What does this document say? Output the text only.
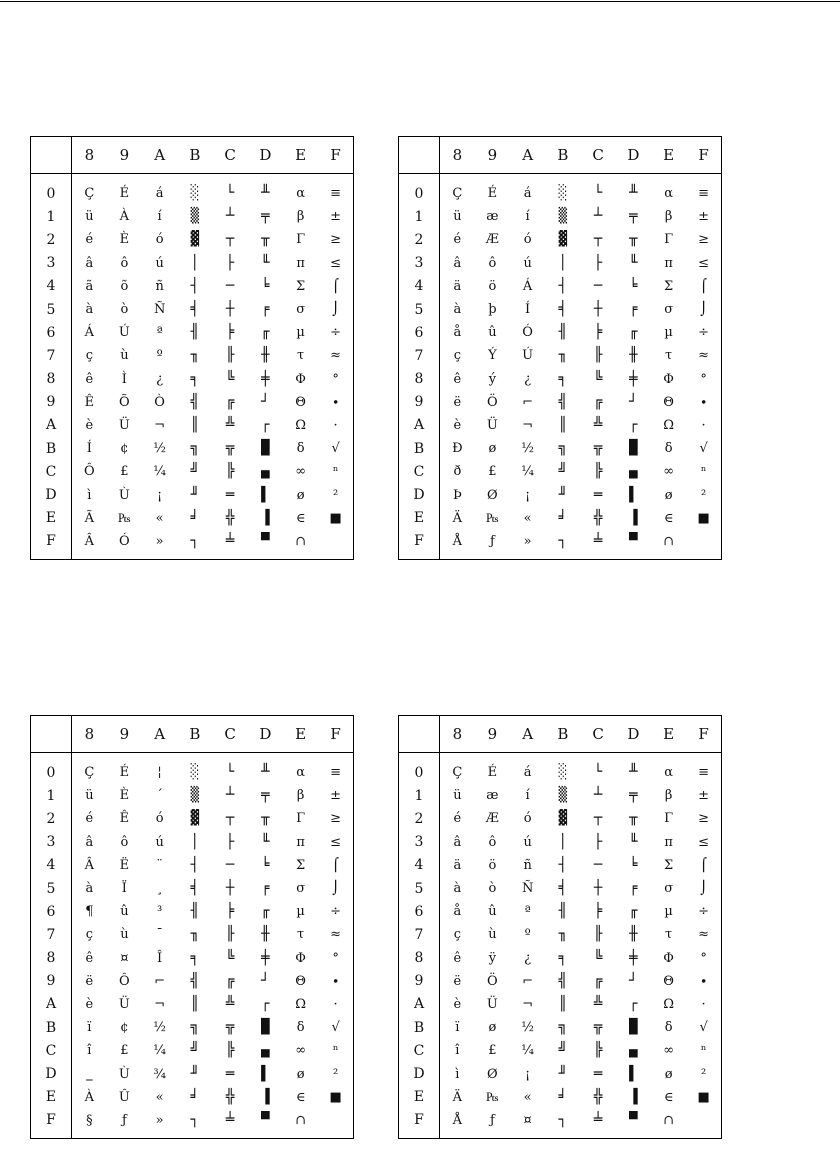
	8	9	A	B	C	D	E	F
0	Ç	É	á	░	└	╨	α	≡
1	ü	À	í	▒	┴	╤	β	±
2	é	È	ó	▓	┬	╥	Γ	≥
3	â	ô	ú	│	├	╙	π	≤
4	ã	õ	ñ	┤	─	╘	Σ	⌠
5	à	ò	Ñ	╡	┼	╒	σ	⌡
6	Á	Ú	ª	╢	╞	╓	µ	÷
7	ç	ù	º	╖	╟	╫	τ	≈
8	ê	Ì	¿	╕	╚	╪	Φ	°
9	Ê	Õ	Ò	╣	╔	┘	Θ	∙
A	è	Ü	¬	║	╩	┌	Ω	·
B	Í	¢	½	╗	╦	█	δ	√
C	Ô	£	¼	╝	╠	▄	∞	ⁿ
D	ì	Ù	¡	╜	═	▌	ø	²
E	Ã	₧	«	╛	╬	▐	∈	■
F	Â	Ó	»	┐	╧	▀	∩	
	8	9	A	B	C	D	E	F
0	Ç	É	á	░	└	╨	α	≡
1	ü	æ	í	▒	┴	╤	β	±
2	é	Æ	ó	▓	┬	╥	Γ	≥
3	â	ô	ú	│	├	╙	π	≤
4	ä	ö	Á	┤	─	╘	Σ	⌠
5	à	þ	Í	╡	┼	╒	σ	⌡
6	å	û	Ó	╢	╞	╓	µ	÷
7	ç	Ý	Ú	╖	╟	╫	τ	≈
8	ê	ý	¿	╕	╚	╪	Φ	°
9	ë	Ö	⌐	╣	╔	┘	Θ	∙
A	è	Ü	¬	║	╩	┌	Ω	·
B	Ð	ø	½	╗	╦	█	δ	√
C	ð	£	¼	╝	╠	▄	∞	ⁿ
D	Þ	Ø	¡	╜	═	▌	ø	²
E	Ä	₧	«	╛	╬	▐	∈	■
F	Å	ƒ	»	┐	╧	▀	∩	
	8	9	A	B	C	D	E	F
0	Ç	É	¦	░	└	╨	α	≡
1	ü	È	´	▒	┴	╤	β	±
2	é	Ê	ó	▓	┬	╥	Γ	≥
3	â	ô	ú	│	├	╙	π	≤
4	Â	Ë	¨	┤	─	╘	Σ	⌠
5	à	Ï	¸	╡	┼	╒	σ	⌡
6	¶	û	³	╢	╞	╓	µ	÷
7	ç	ù	¯	╖	╟	╫	τ	≈
8	ê	¤	Î	╕	╚	╪	Φ	°
9	ë	Ô	⌐	╣	╔	┘	Θ	∙
A	è	Ü	¬	║	╩	┌	Ω	·
B	ï	¢	½	╗	╦	█	δ	√
C	î	£	¼	╝	╠	▄	∞	ⁿ
D	‗	Ù	¾	╜	═	▌	ø	²
E	À	Û	«	╛	╬	▐	∈	■
F	§	ƒ	»	┐	╧	▀	∩	
	8	9	A	B	C	D	E	F
0	Ç	É	á	░	└	╨	α	≡
1	ü	æ	í	▒	┴	╤	β	±
2	é	Æ	ó	▓	┬	╥	Γ	≥
3	â	ô	ú	│	├	╙	π	≤
4	ä	ö	ñ	┤	─	╘	Σ	⌠
5	à	ò	Ñ	╡	┼	╒	σ	⌡
6	å	û	ª	╢	╞	╓	µ	÷
7	ç	ù	º	╖	╟	╫	τ	≈
8	ê	ÿ	¿	╕	╚	╪	Φ	°
9	ë	Ö	⌐	╣	╔	┘	Θ	∙
A	è	Ü	¬	║	╩	┌	Ω	·
B	ï	ø	½	╗	╦	█	δ	√
C	î	£	¼	╝	╠	▄	∞	ⁿ
D	ì	Ø	¡	╜	═	▌	ø	²
E	Ä	₧	«	╛	╬	▐	∈	■
F	Å	ƒ	¤	┐	╧	▀	∩	
